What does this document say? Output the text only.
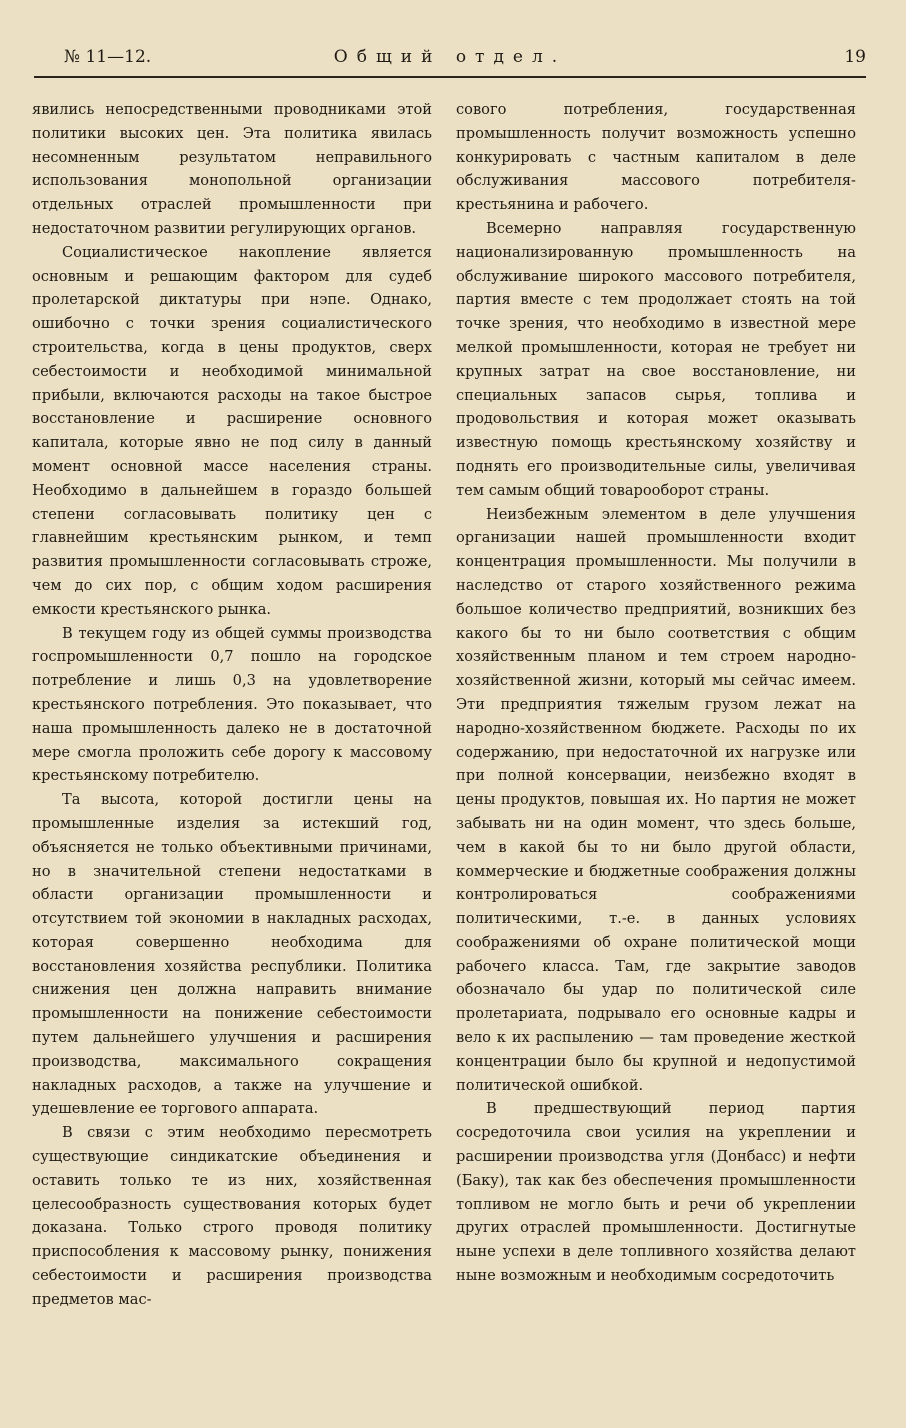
№ 11—12.	Общий отдел.	19

явились непосредственными проводниками этой политики высоких цен. Эта политика явилась несомненным результатом неправильного использования монопольной организации отдельных отраслей промышленности при недостаточном развитии регулирующих органов.

Социалистическое накопление является основным и решающим фактором для судеб пролетарской диктатуры при нэпе. Однако, ошибочно с точки зрения социалистического строительства, когда в цены продуктов, сверх себестоимости и необходимой минимальной прибыли, включаются расходы на такое быстрое восстановление и расширение основного капитала, которые явно не под силу в данный момент основной массе населения страны. Необходимо в дальнейшем в гораздо большей степени согласовывать политику цен с главнейшим крестьянским рынком, и темп развития промышленности согласовывать строже, чем до сих пор, с общим ходом расширения емкости крестьянского рынка.

В текущем году из общей суммы производства госпромышленности 0,7 пошло на городское потребление и лишь 0,3 на удовлетворение крестьянского потребления. Это показывает, что наша промышленность далеко не в достаточной мере смогла проложить себе дорогу к массовому крестьянскому потребителю.

Та высота, которой достигли цены на промышленные изделия за истекший год, объясняется не только объективными причинами, но в значительной степени недостатками в области организации промышленности и отсутствием той экономии в накладных расходах, которая совершенно необходима для восстановления хозяйства республики. Политика снижения цен должна направить внимание промышленности на понижение себестоимости путем дальнейшего улучшения и расширения производства, максимального сокращения накладных расходов, а также на улучшение и удешевление ее торгового аппарата.

В связи с этим необходимо пересмотреть существующие синдикатские объединения и оставить только те из них, хозяйственная целесообразность существования которых будет доказана. Только строго проводя политику приспособления к массовому рынку, понижения себестоимости и расширения производства предметов мас-

сового потребления, государственная промышленность получит возможность успешно конкурировать с частным капиталом в деле обслуживания массового потребителя-крестьянина и рабочего.

Всемерно направляя государственную национализированную промышленность на обслуживание широкого массового потребителя, партия вместе с тем продолжает стоять на той точке зрения, что необходимо в известной мере мелкой промышленности, которая не требует ни крупных затрат на свое восстановление, ни специальных запасов сырья, топлива и продовольствия и которая может оказывать известную помощь крестьянскому хозяйству и поднять его производительные силы, увеличивая тем самым общий товарооборот страны.

Неизбежным элементом в деле улучшения организации нашей промышленности входит концентрация промышленности. Мы получили в наследство от старого хозяйственного режима большое количество предприятий, возникших без какого бы то ни было соответствия с общим хозяйственным планом и тем строем народно-хозяйственной жизни, который мы сейчас имеем. Эти предприятия тяжелым грузом лежат на народно-хозяйственном бюджете. Расходы по их содержанию, при недостаточной их нагрузке или при полной консервации, неизбежно входят в цены продуктов, повышая их. Но партия не может забывать ни на один момент, что здесь больше, чем в какой бы то ни было другой области, коммерческие и бюджетные соображения должны контролироваться соображениями политическими, т.-е. в данных условиях соображениями об охране политической мощи рабочего класса. Там, где закрытие заводов обозначало бы удар по политической силе пролетариата, подрывало его основные кадры и вело к их распылению — там проведение жесткой концентрации было бы крупной и недопустимой политической ошибкой.

В предшествующий период партия сосредоточила свои усилия на укреплении и расширении производства угля (Донбасс) и нефти (Баку), так как без обеспечения промышленности топливом не могло быть и речи об укреплении других отраслей промышленности. Достигнутые ныне успехи в деле топливного хозяйства делают ныне возможным и необходимым сосредоточить
